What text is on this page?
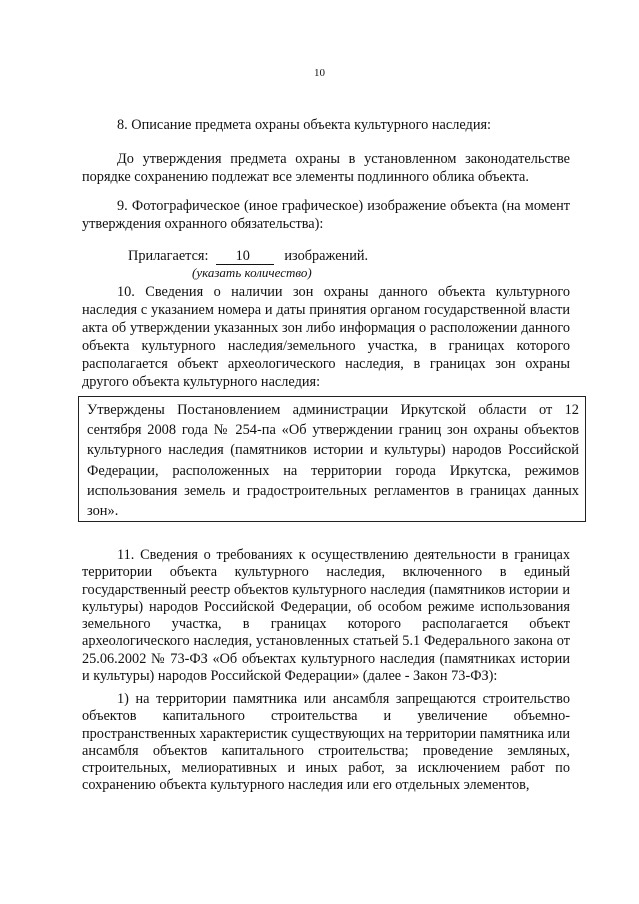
10
8. Описание предмета охраны объекта культурного наследия:
До утверждения предмета охраны в установленном законодательстве порядке сохранению подлежат все элементы подлинного облика объекта.
9. Фотографическое (иное графическое) изображение объекта (на момент утверждения охранного обязательства):
Прилагается: 10 изображений.
(указать количество)
10. Сведения о наличии зон охраны данного объекта культурного наследия с указанием номера и даты принятия органом государственной власти акта об утверждении указанных зон либо информация о расположении данного объекта культурного наследия/земельного участка, в границах которого располагается объект археологического наследия, в границах зон охраны другого объекта культурного наследия:
Утверждены Постановлением администрации Иркутской области от 12 сентября 2008 года № 254-па «Об утверждении границ зон охраны объектов культурного наследия (памятников истории и культуры) народов Российской Федерации, расположенных на территории города Иркутска, режимов использования земель и градостроительных регламентов в границах данных зон».
11. Сведения о требованиях к осуществлению деятельности в границах территории объекта культурного наследия, включенного в единый государственный реестр объектов культурного наследия (памятников истории и культуры) народов Российской Федерации, об особом режиме использования земельного участка, в границах которого располагается объект археологического наследия, установленных статьей 5.1 Федерального закона от 25.06.2002 № 73-ФЗ «Об объектах культурного наследия (памятниках истории и культуры) народов Российской Федерации» (далее - Закон 73-ФЗ):
1) на территории памятника или ансамбля запрещаются строительство объектов капитального строительства и увеличение объемно-пространственных характеристик существующих на территории памятника или ансамбля объектов капитального строительства; проведение земляных, строительных, мелиоративных и иных работ, за исключением работ по сохранению объекта культурного наследия или его отдельных элементов,
